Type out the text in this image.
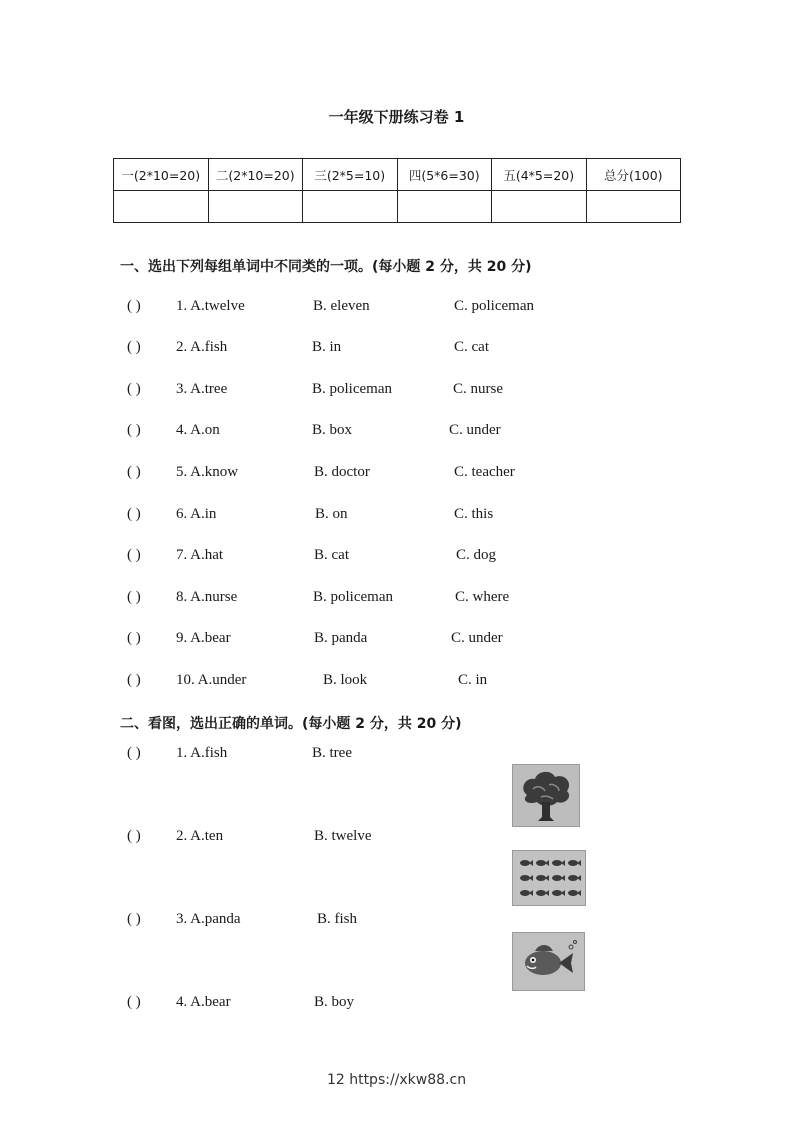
一年级下册练习卷 1
一(2*10=20)	二(2*10=20)	三(2*5=10)	四(5*6=30)	五(4*5=20)	总分(100)

一、选出下列每组单词中不同类的一项。(每小题 2 分，共 20 分)
( ) 1. A.twelve	B. eleven	C. policeman
( ) 2. A.fish	B. in	C. cat
( ) 3. A.tree	B. policeman	C. nurse
( ) 4. A.on	B. box	C. under
( ) 5. A.know	B. doctor	C. teacher
( ) 6. A.in	B. on	C. this
( ) 7. A.hat	B. cat	C. dog
( ) 8. A.nurse	B. policeman	C. where
( ) 9. A.bear	B. panda	C. under
( ) 10. A.under	B. look	C. in
二、看图，选出正确的单词。(每小题 2 分，共 20 分)
( ) 1. A.fish	B. tree
( ) 2. A.ten	B. twelve
( ) 3. A.panda	B. fish
( ) 4. A.bear	B. boy
12 https://xkw88.cn
